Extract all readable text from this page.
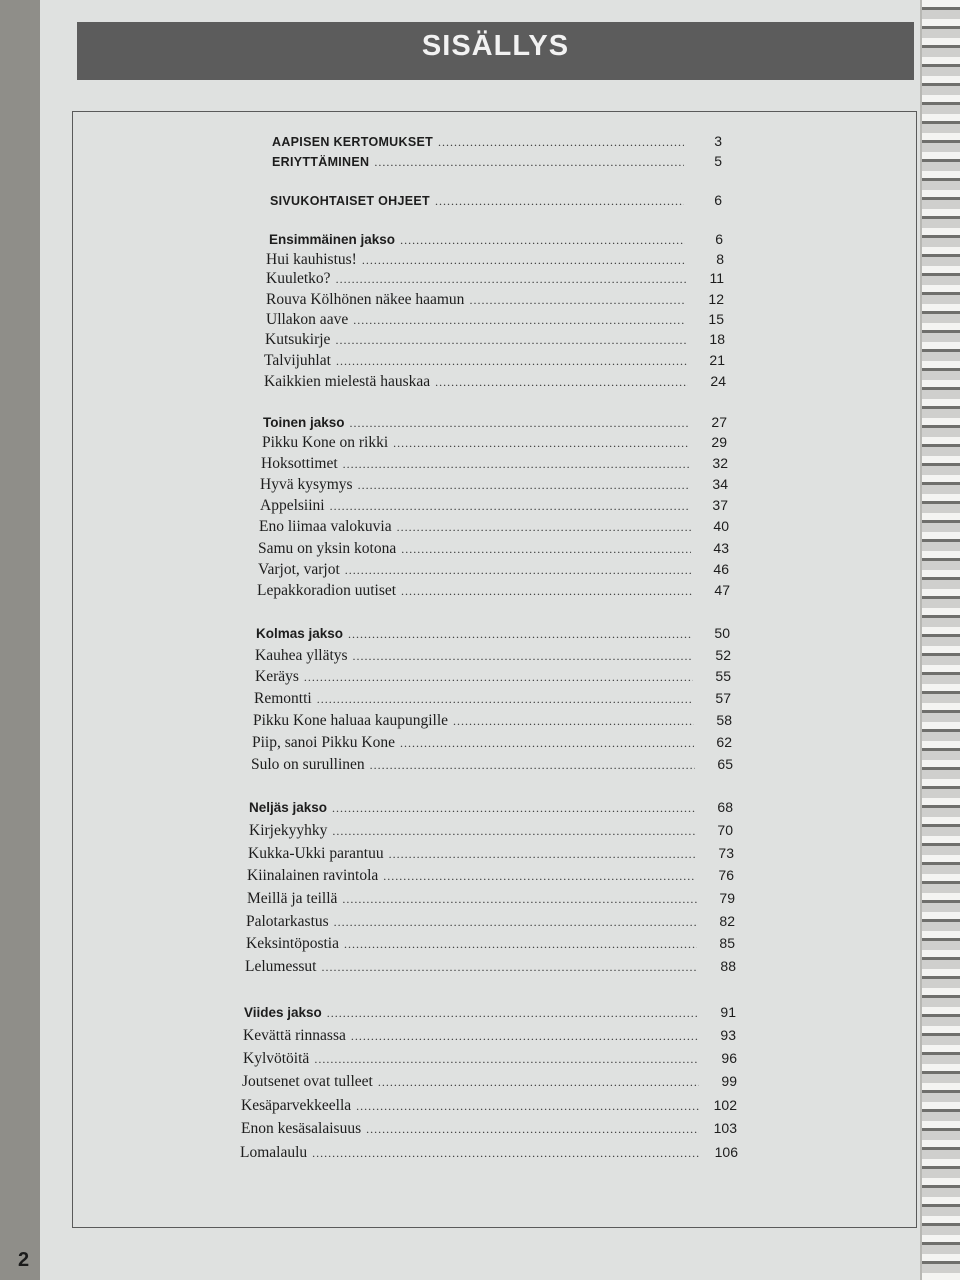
SISÄLLYS
AAPISEN KERTOMUKSET .....	3
ERIYTTÄMINEN .....	5
SIVUKOHTAISET OHJEET .....	6
Ensimmäinen jakso .....	6
Hui kauhistus! .....	8
Kuuletko? .....	11
Rouva Kölhönen näkee haamun .....	12
Ullakon aave .....	15
Kutsukirje .....	18
Talvijuhlat .....	21
Kaikkien mielestä hauskaa .....	24
Toinen jakso .....	27
Pikku Kone on rikki .....	29
Hoksottimet .....	32
Hyvä kysymys .....	34
Appelsiini .....	37
Eno liimaa valokuvia .....	40
Samu on yksin kotona .....	43
Varjot, varjot .....	46
Lepakkoradion uutiset .....	47
Kolmas jakso .....	50
Kauhea yllätys .....	52
Keräys .....	55
Remontti .....	57
Pikku Kone haluaa kaupungille .....	58
Piip, sanoi Pikku Kone .....	62
Sulo on surullinen .....	65
Neljäs jakso .....	68
Kirjekyyhky .....	70
Kukka-Ukki parantuu .....	73
Kiinalainen ravintola .....	76
Meillä ja teillä .....	79
Palotarkastus .....	82
Keksintöpostia .....	85
Lelumessut .....	88
Viides jakso .....	91
Kevättä rinnassa .....	93
Kylvötöitä .....	96
Joutsenet ovat tulleet .....	99
Kesäparvekkeella .....	102
Enon kesäsalaisuus .....	103
Lomalaulu .....	106
2
